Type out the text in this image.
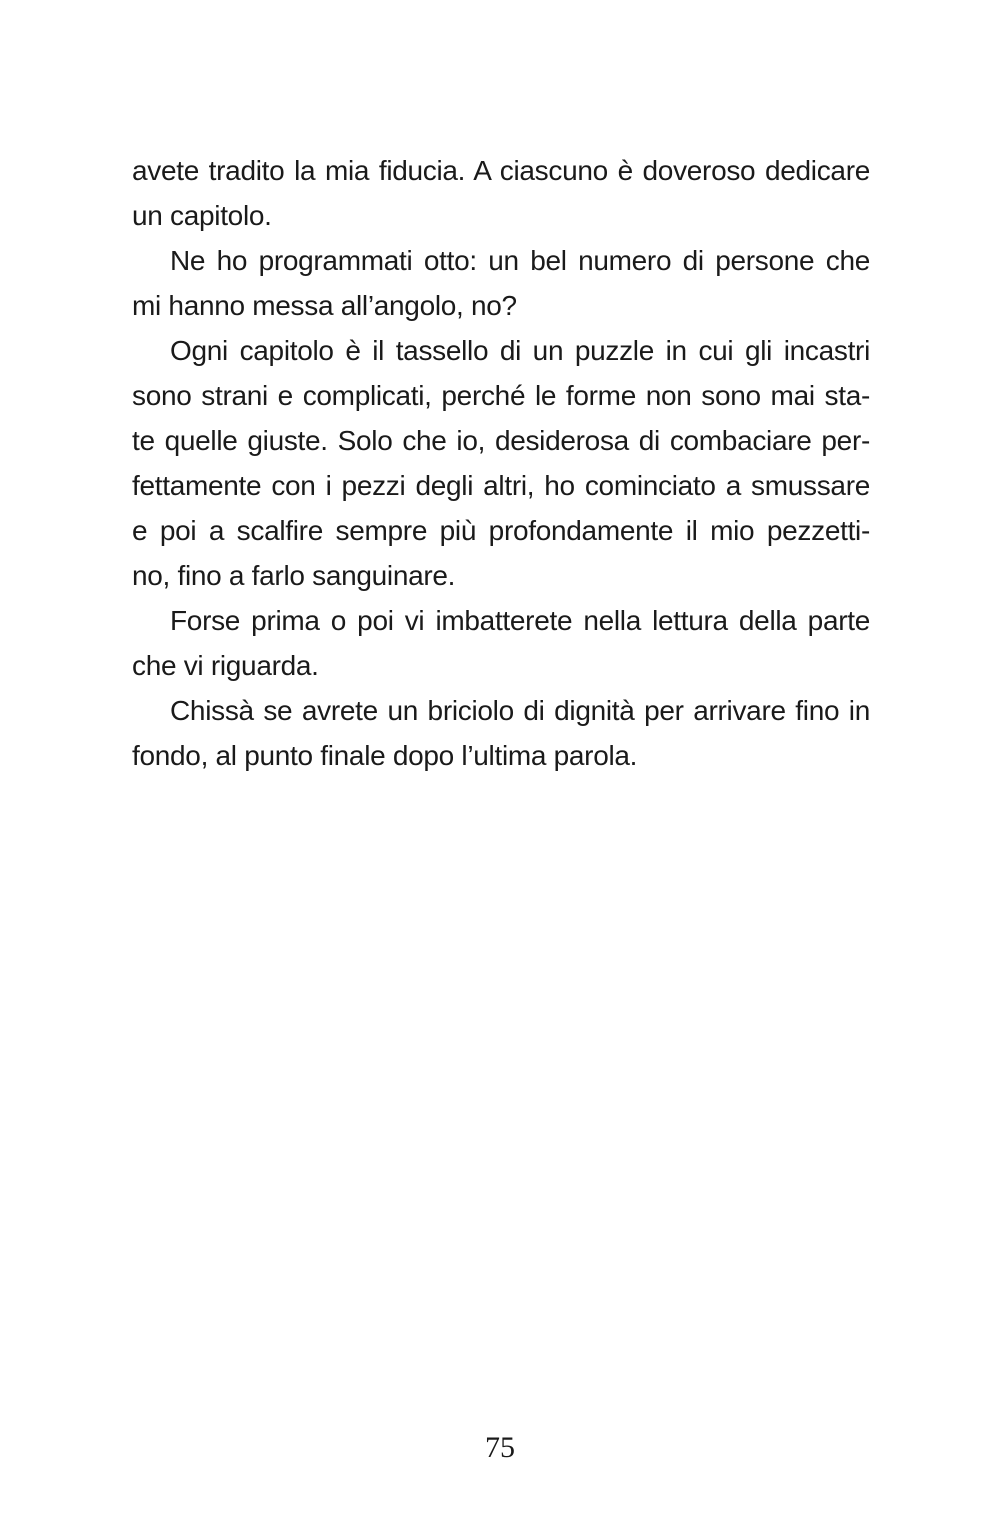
avete tradito la mia fiducia. A ciascuno è doveroso dedicare
un capitolo.
Ne ho programmati otto: un bel numero di persone che
mi hanno messa all’angolo, no?
Ogni capitolo è il tassello di un puzzle in cui gli incastri
sono strani e complicati, perché le forme non sono mai sta-
te quelle giuste. Solo che io, desiderosa di combaciare per-
fettamente con i pezzi degli altri, ho cominciato a smussare
e poi a scalfire sempre più profondamente il mio pezzetti-
no, fino a farlo sanguinare.
Forse prima o poi vi imbatterete nella lettura della parte
che vi riguarda.
Chissà se avrete un briciolo di dignità per arrivare fino in
fondo, al punto finale dopo l’ultima parola.
75
